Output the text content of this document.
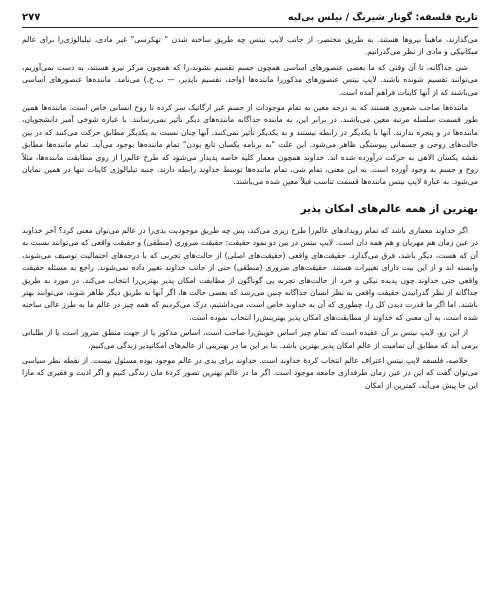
تاریخ فلسفه: گونار شیرنگ / نیلس بی‌لیه
۲۷۷

می‌گذارند، ماهیتاً نیروها هستند. به طریق مختصر، از جانب لایپ نیتس چه طریق ساخته شدن " تهکرسی" غیر مادی، تیلیالوژی‌را برای عالم میکانیکی و مادی از نظر می‌گذرانیم.

شی جداگانه، تا آن وقتی که ما بعضی عنصورهای اساسی همچون جسم تقسیم نشوند،را که همچون مرکز نیرو هستند، به دست نمی‌آوریم، می‌توانند تقسیم شونده باشند. لایپ نیتس عنصورهای مذکوررا ماننده‌ها (واحد، تقسیم ناپذیر، — ب.خ.) می‌نامد. ماننده‌ها عنصورهای اساسی می‌باشند که از آنها کاینات فراهم آمده است.

ماننده‌ها صاحب شعوری هستند که به درجه معین به تمام موجودات از جسم غیر ارگانیک سر کرده تا روح انسانی خاص است. ماننده‌ها همین طور قسمت سلسله مرتبه معین می‌باشند. در برابر این، به ماننده جداگانه ماننده‌های دیگر تأثیر نمی‌رسانند. با عباره شوخی آمیز دانشجویان، ماننده‌ها در و پنجره ندارند. آنها با یکدیگر در رابطه نیستند و به یکدیگر تأثیر نمی‌کنند. آنها چنان نسبت به یکدیگر مطابق حرکت می‌کنند که در بین حالت‌های روحی و جسمانی پیوستگی ظاهر می‌شود. این علت "به برنامه یکسان تابع بودن" تمام ماننده‌ها بوجود می‌آید. تمام ماننده‌ها مطابق نقشه یکسان الاهی به حرکت درآورده شده اند. خداوند همچون معمار کلیه خاصه پدیدار می‌شود که طرح عالم‌را از روی مطابقت ماننده‌ها، مثلاً روح و جسم به وجود آورده است. به این معنی، تمام شی، تمام ماننده‌ها توسط خداوند رابطه دارند. جنبه تیلیالوژی کاینات تنها در همین نمایان می‌شود. به عبارهٔ لایپ نیتس ماننده‌ها قسمت تناسب قبلاً معین شده می‌باشند.

بهترین از همه عالم‌های امکان پذیر

اگر خداوند معمار‌ی باشد که تمام رویدادهای عالم‌را طرح ریزی می‌کند، پس چه طریق موجودیت بدی‌را در عالم می‌توان معنی کرد؟ آخر خداوند در عین زمان هم مهربان و هم همه دان است. لایپ نیتس در بین دو نمود حقیقت: حقیقت ضروری (منطقی) و حقیقت واقعی که می‌توانند نسبت به آن که هست، دیگر باشد، فرق می‌گذارد. حقیقت‌های واقعی (حقیقت‌های اصلی) از حالت‌های تجربی که با درجه‌های احتمالیت توصیف می‌شوند، وابسته اند و از این بیت دارای تغییرات هستند. حقیقت‌های ضروری (منطقی) حتی از جانب خداوند تغییر داده نمی‌شوند. راجع به مسئله حقیقت واقعی حتی خداوند چون پدیده نیکی و خرد از حالت‌های تجربه یی گوناگون از مطابقت امکان پذیر بهترین‌را انتخاب می‌کند. در مورد به طریق جداگانه از نظر گذرانیدن حقیقت واقعی به نظر انسان جداگانه چنین می‌رسد که بعضی حالت ها، اگر آنها به طریق دیگر ظاهر شوند، می‌توانند بهتر باشند. اما اگر ما قدرت دیدن کل را، چطوری که آن به خداوند خاص است، می‌داشتیم، درک می‌کردیم که همه چیز در عالم ما به طرز عالی ساخته شده است، به آن معنی که خداوند از مطابقت‌های امکان پذیر بهترینش‌را انتخاب نموده است.

از این رو، لایپ نیتس بر آن عقیده است که تمام چیز اساس خویش‌را صاحب است، اساس مذکور یا از جهت منطق ضرور است یا از طلباتی برمی آید که مطابق آن تمامیت از عالم امکان پذیر بهترین باشد. بنا بر این ما در بهترینی از عالم‌های امکانپذیر زندگی می‌کنیم.

خلاصه، فلسفه لایپ نیتس اعتراف عالم انتخاب کردهٔ خداوند است. خداوند برای بدی در عالم موجود بوده مسئول نیست. از نقطه نظر سیاسی می‌توان گفت که این در عین زمان طرفداری جامعه موجود است. اگر ما در عالم بهترین تصور کردهٔ مان زندگی کنیم و اگر اذیت و فقیری که مارا این جا پیش می‌آید، کمترین از امکان
